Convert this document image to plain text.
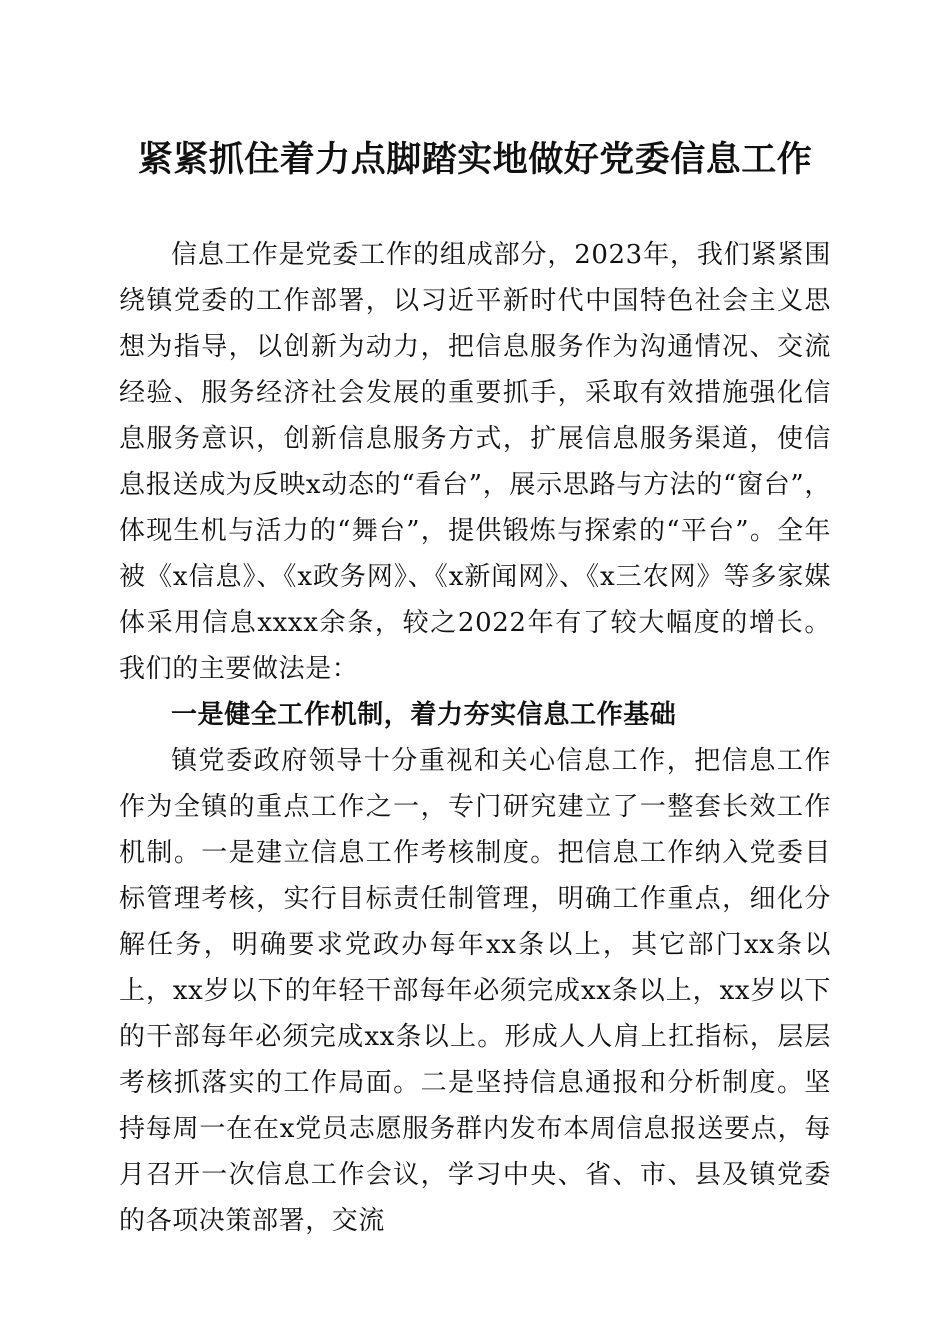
紧紧抓住着力点脚踏实地做好党委信息工作

信息工作是党委工作的组成部分，2023年，我们紧紧围绕镇党委的工作部署，以习近平新时代中国特色社会主义思想为指导，以创新为动力，把信息服务作为沟通情况、交流经验、服务经济社会发展的重要抓手，采取有效措施强化信息服务意识，创新信息服务方式，扩展信息服务渠道，使信息报送成为反映x动态的“看台”，展示思路与方法的“窗台”，体现生机与活力的“舞台”，提供锻炼与探索的“平台”。全年被《x信息》、《x政务网》、《x新闻网》、《x三农网》等多家媒体采用信息xxxx余条，较之2022年有了较大幅度的增长。我们的主要做法是：

一是健全工作机制，着力夯实信息工作基础

镇党委政府领导十分重视和关心信息工作，把信息工作作为全镇的重点工作之一，专门研究建立了一整套长效工作机制。一是建立信息工作考核制度。把信息工作纳入党委目标管理考核，实行目标责任制管理，明确工作重点，细化分解任务，明确要求党政办每年xx条以上，其它部门xx条以上，xx岁以下的年轻干部每年必须完成xx条以上，xx岁以下的干部每年必须完成xx条以上。形成人人肩上扛指标，层层考核抓落实的工作局面。二是坚持信息通报和分析制度。坚持每周一在在x党员志愿服务群内发布本周信息报送要点，每月召开一次信息工作会议，学习中央、省、市、县及镇党委的各项决策部署，交流
